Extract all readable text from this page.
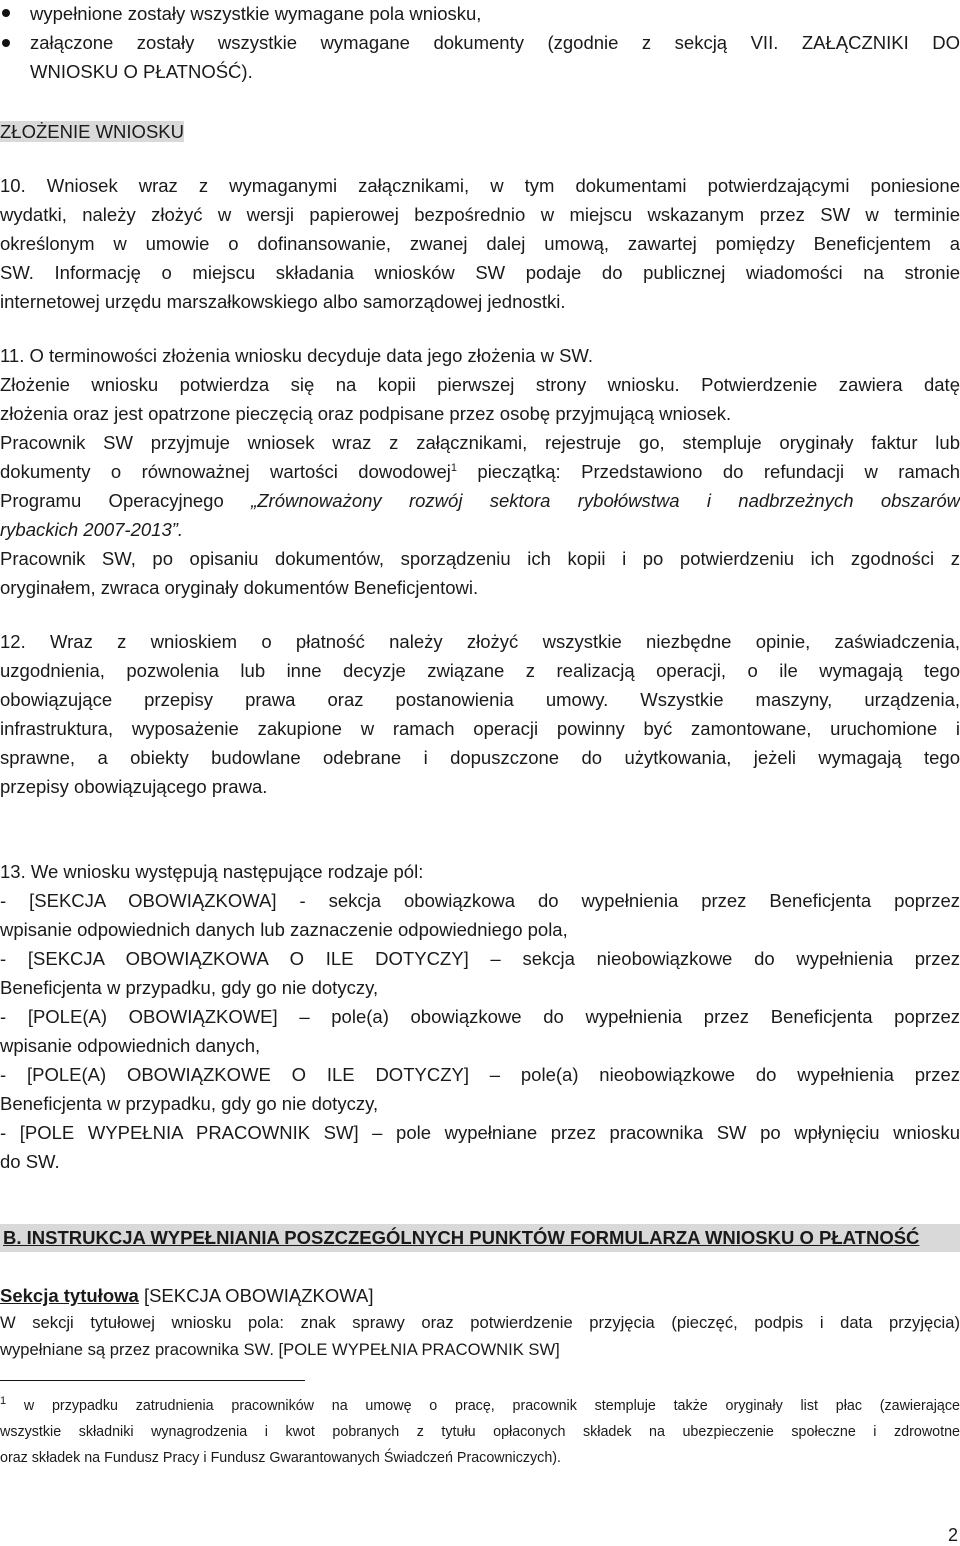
wypełnione zostały wszystkie wymagane pola wniosku,
załączone zostały wszystkie wymagane dokumenty (zgodnie z sekcją VII. ZAŁĄCZNIKI DO
WNIOSKU O PŁATNOŚĆ).
ZŁOŻENIE WNIOSKU
10. Wniosek wraz z wymaganymi załącznikami, w tym dokumentami potwierdzającymi poniesione
wydatki, należy złożyć w wersji papierowej bezpośrednio w miejscu wskazanym przez SW w terminie
określonym w umowie o dofinansowanie, zwanej dalej umową, zawartej pomiędzy Beneficjentem a
SW. Informację o miejscu składania wniosków SW podaje do publicznej wiadomości na stronie
internetowej urzędu marszałkowskiego albo samorządowej jednostki.
11. O terminowości złożenia wniosku decyduje data jego złożenia w SW.
Złożenie wniosku potwierdza się na kopii pierwszej strony wniosku. Potwierdzenie zawiera datę
złożenia oraz jest opatrzone pieczęcią oraz podpisane przez osobę przyjmującą wniosek.
Pracownik SW przyjmuje wniosek wraz z załącznikami, rejestruje go, stempluje oryginały faktur lub
dokumenty o równoważnej wartości dowodowej$^1$ pieczątką: Przedstawiono do refundacji w ramach
Programu Operacyjnego „Zrównoważony rozwój sektora rybołówstwa i nadbrzeżnych obszarów
rybackich 2007-2013”.
Pracownik SW, po opisaniu dokumentów, sporządzeniu ich kopii i po potwierdzeniu ich zgodności z
oryginałem, zwraca oryginały dokumentów Beneficjentowi.
12. Wraz z wnioskiem o płatność należy złożyć wszystkie niezbędne opinie, zaświadczenia,
uzgodnienia, pozwolenia lub inne decyzje związane z realizacją operacji, o ile wymagają tego
obowiązujące przepisy prawa oraz postanowienia umowy. Wszystkie maszyny, urządzenia,
infrastruktura, wyposażenie zakupione w ramach operacji powinny być zamontowane, uruchomione i
sprawne, a obiekty budowlane odebrane i dopuszczone do użytkowania, jeżeli wymagają tego
przepisy obowiązującego prawa.
13. We wniosku występują następujące rodzaje pól:
- [SEKCJA OBOWIĄZKOWA] - sekcja obowiązkowa do wypełnienia przez Beneficjenta poprzez
wpisanie odpowiednich danych lub zaznaczenie odpowiedniego pola,
- [SEKCJA OBOWIĄZKOWA O ILE DOTYCZY] – sekcja nieobowiązkowe do wypełnienia przez
Beneficjenta w przypadku, gdy go nie dotyczy,
- [POLE(A) OBOWIĄZKOWE] – pole(a) obowiązkowe do wypełnienia przez Beneficjenta poprzez
wpisanie odpowiednich danych,
- [POLE(A) OBOWIĄZKOWE O ILE DOTYCZY] – pole(a) nieobowiązkowe do wypełnienia przez
Beneficjenta w przypadku, gdy go nie dotyczy,
- [POLE WYPEŁNIA PRACOWNIK SW] – pole wypełniane przez pracownika SW po wpłynięciu wniosku
do SW.
B. INSTRUKCJA WYPEŁNIANIA POSZCZEGÓLNYCH PUNKTÓW FORMULARZA WNIOSKU O PŁATNOŚĆ
Sekcja tytułowa [SEKCJA OBOWIĄZKOWA]
W sekcji tytułowej wniosku pola: znak sprawy oraz potwierdzenie przyjęcia (pieczęć, podpis i data przyjęcia)
wypełniane są przez pracownika SW. [POLE WYPEŁNIA PRACOWNIK SW]
$^1$ w przypadku zatrudnienia pracowników na umowę o pracę, pracownik stempluje także oryginały list płac (zawierające
wszystkie składniki wynagrodzenia i kwot pobranych z tytułu opłaconych składek na ubezpieczenie społeczne i zdrowotne
oraz składek na Fundusz Pracy i Fundusz Gwarantowanych Świadczeń Pracowniczych).
2
